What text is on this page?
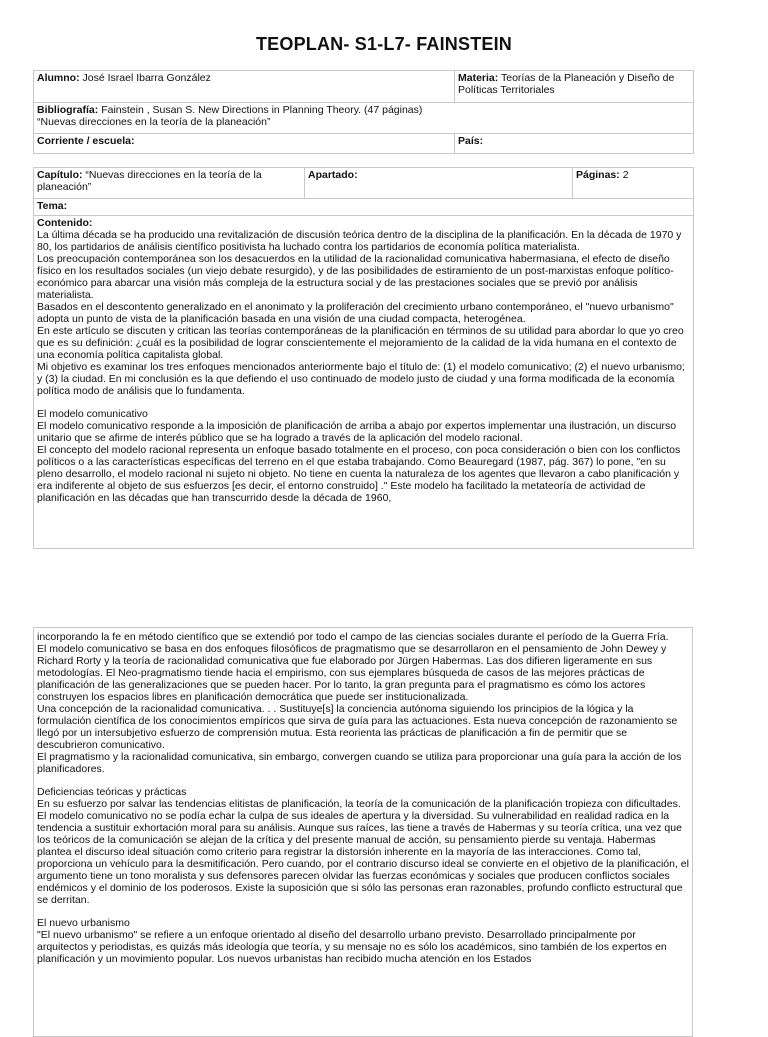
TEOPLAN- S1-L7- FAINSTEIN
Alumno: José Israel Ibarra González	Materia: Teorías de la Planeación y Diseño de Políticas Territoriales
Bibliografía: Fainstein , Susan S. New Directions in Planning Theory. (47 páginas)
“Nuevas direcciones en la teoría de la planeación”	
Corriente / escuela:	País:
Capítulo: “Nuevas direcciones en la teoría de la planeación”	Apartado:	Páginas: 2
Tema:
Contenido:
La última década se ha producido una revitalización de discusión teórica dentro de la disciplina de la planificación. En la década de 1970 y 80, los partidarios de análisis científico positivista ha luchado contra los partidarios de economía política materialista.
Los preocupación contemporánea son los desacuerdos en la utilidad de la racionalidad comunicativa habermasiana, el efecto de diseño físico en los resultados sociales (un viejo debate resurgido), y de las posibilidades de estiramiento de un post-marxistas enfoque político-económico para abarcar una visión más compleja de la estructura social y de las prestaciones sociales que se previó por análisis materialista.
Basados en el descontento generalizado en el anonimato y la proliferación del crecimiento urbano contemporáneo, el "nuevo urbanismo" adopta un punto de vista de la planificación basada en una visión de una ciudad compacta, heterogénea.
En este artículo se discuten y critican las teorías contemporáneas de la planificación en términos de su utilidad para abordar lo que yo creo que es su definición: ¿cuál es la posibilidad de lograr conscientemente el mejoramiento de la calidad de la vida humana en el contexto de una economía política capitalista global.
Mi objetivo es examinar los tres enfoques mencionados anteriormente bajo el título de: (1) el modelo comunicativo; (2) el nuevo urbanismo; y (3) la ciudad. En mi conclusión es la que defiendo el uso continuado de modelo justo de ciudad y una forma modificada de la economía política modo de análisis que lo fundamenta.
El modelo comunicativo
El modelo comunicativo responde a la imposición de planificación de arriba a abajo por expertos implementar una ilustración, un discurso unitario que se afirme de interés público que se ha logrado a través de la aplicación del modelo racional.
El concepto del modelo racional representa un enfoque basado totalmente en el proceso, con poca consideración o bien con los conflictos políticos o a las características específicas del terreno en el que estaba trabajando. Como Beauregard (1987, pág. 367) lo pone, "en su pleno desarrollo, el modelo racional ni sujeto ni objeto. No tiene en cuenta la naturaleza de los agentes que llevaron a cabo planificación y era indiferente al objeto de sus esfuerzos [es decir, el entorno construido] ." Este modelo ha facilitado la metateoría de actividad de planificación en las décadas que han transcurrido desde la década de 1960,
incorporando la fe en método científico que se extendió por todo el campo de las ciencias sociales durante el período de la Guerra Fría.
El modelo comunicativo se basa en dos enfoques filosóficos de pragmatismo que se desarrollaron en el pensamiento de John Dewey y Richard Rorty y la teoría de racionalidad comunicativa que fue elaborado por Jürgen Habermas. Las dos difieren ligeramente en sus metodologías. El Neo-pragmatismo tiende hacia el empirismo, con sus ejemplares búsqueda de casos de las mejores prácticas de planificación de las generalizaciones que se pueden hacer. Por lo tanto, la gran pregunta para el pragmatismo es cómo los actores construyen los espacios libres en planificación democrática que puede ser institucionalizada.
Una concepción de la racionalidad comunicativa. . . Sustituye[s] la conciencia autónoma siguiendo los principios de la lógica y la formulación científica de los conocimientos empíricos que sirva de guía para las actuaciones. Esta nueva concepción de razonamiento se llegó por un intersubjetivo esfuerzo de comprensión mutua. Esta reorienta las prácticas de planificación a fin de permitir que se descubrieron comunicativo.
El pragmatismo y la racionalidad comunicativa, sin embargo, convergen cuando se utiliza para proporcionar una guía para la acción de los planificadores.
Deficiencias teóricas y prácticas
En su esfuerzo por salvar las tendencias elitistas de planificación, la teoría de la comunicación de la planificación tropieza con dificultades. El modelo comunicativo no se podía echar la culpa de sus ideales de apertura y la diversidad. Su vulnerabilidad en realidad radica en la tendencia a sustituir exhortación moral para su análisis. Aunque sus raíces, las tiene a través de Habermas y su teoría crítica, una vez que los teóricos de la comunicación se alejan de la crítica y del presente manual de acción, su pensamiento pierde su ventaja. Habermas plantea el discurso ideal situación como criterio para registrar la distorsión inherente en la mayoría de las interacciones. Como tal, proporciona un vehículo para la desmitificación. Pero cuando, por el contrario discurso ideal se convierte en el objetivo de la planificación, el argumento tiene un tono moralista y sus defensores parecen olvidar las fuerzas económicas y sociales que producen conflictos sociales endémicos y el dominio de los poderosos. Existe la suposición que si sólo las personas eran razonables, profundo conflicto estructural que se derritan.
El nuevo urbanismo
"El nuevo urbanismo" se refiere a un enfoque orientado al diseño del desarrollo urbano previsto. Desarrollado principalmente por arquitectos y periodistas, es quizás más ideología que teoría, y su mensaje no es sólo los académicos, sino también de los expertos en planificación y un movimiento popular. Los nuevos urbanistas han recibido mucha atención en los Estados
